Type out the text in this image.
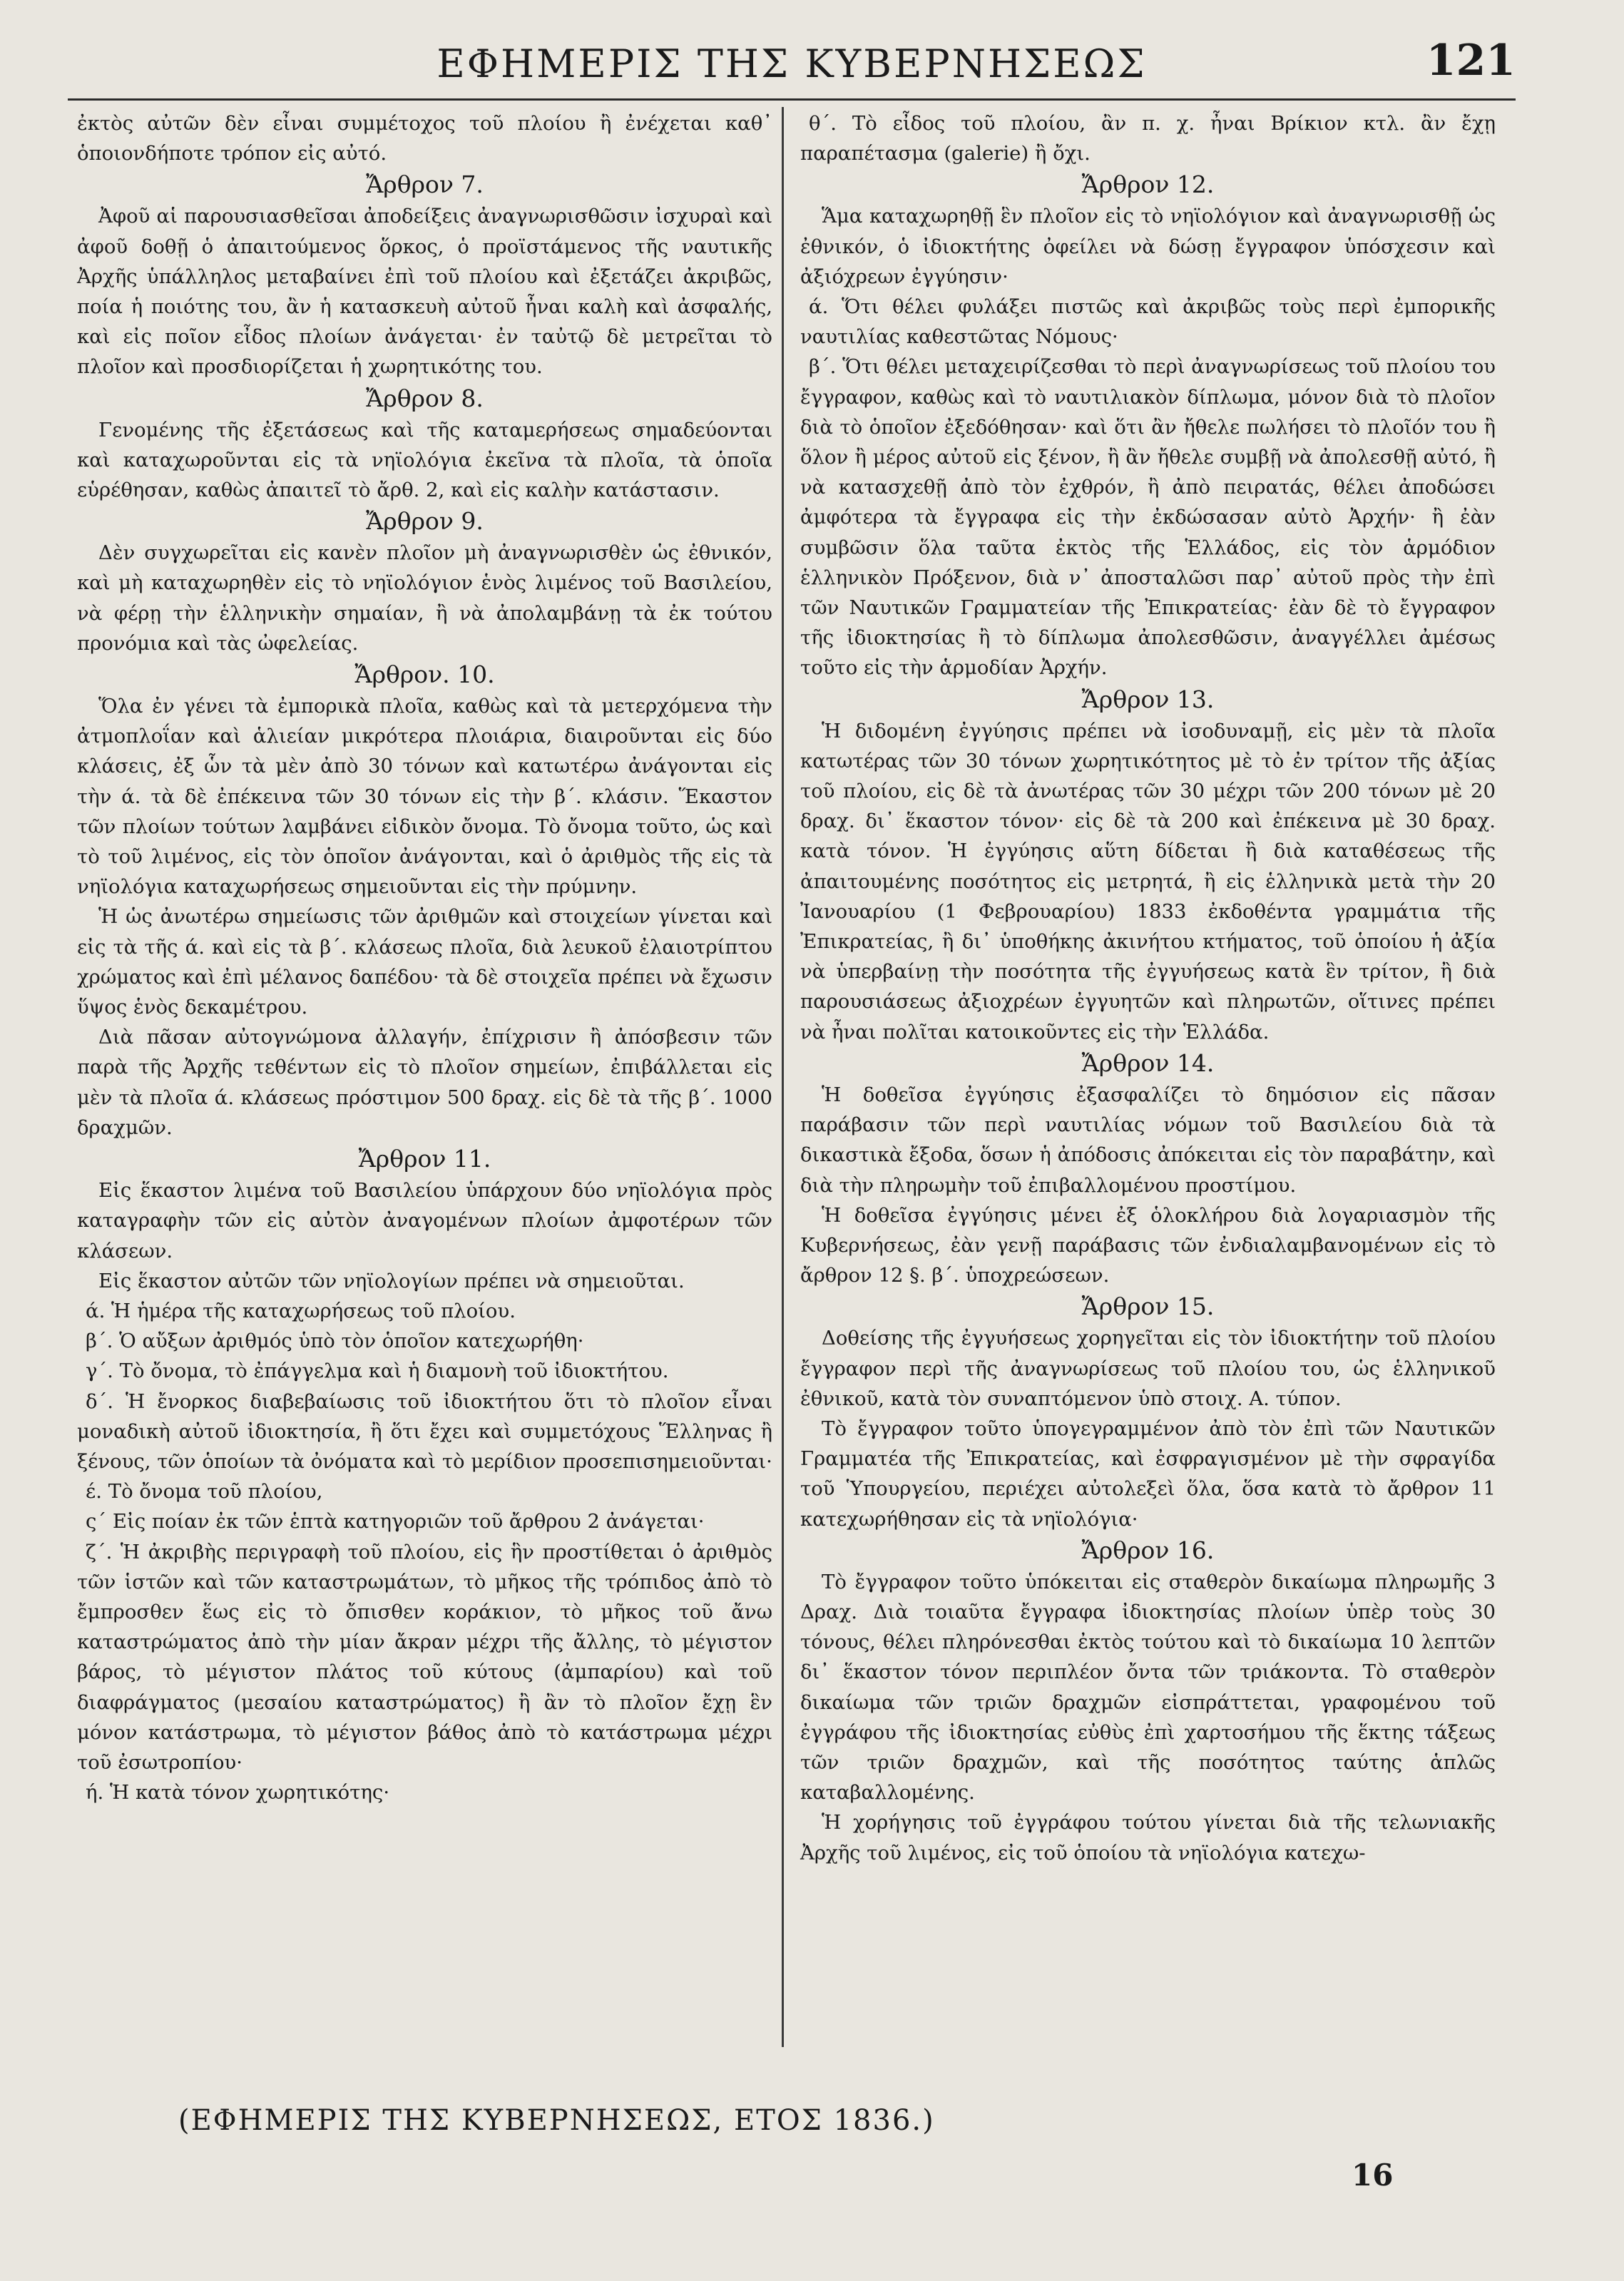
ΕΦΗΜΕΡΙΣ ΤΗΣ ΚΥΒΕΡΝΗΣΕΩΣ	121

ἐκτὸς αὐτῶν δὲν εἶναι συμμέτοχος τοῦ πλοίου ἢ ἐνέχεται καθ᾽ ὁποιονδήποτε τρόπον εἰς αὐτό.

Ἄρθρον 7.

Ἀφοῦ αἱ παρουσιασθεῖσαι ἀποδείξεις ἀναγνωρισθῶσιν ἰσχυραὶ καὶ ἀφοῦ δοθῇ ὁ ἀπαιτούμενος ὅρκος, ὁ προϊστάμενος τῆς ναυτικῆς Ἀρχῆς ὑπάλληλος μεταβαίνει ἐπὶ τοῦ πλοίου καὶ ἐξετάζει ἀκριβῶς, ποία ἡ ποιότης του, ἂν ἡ κατασκευὴ αὐτοῦ ἦναι καλὴ καὶ ἀσφαλής, καὶ εἰς ποῖον εἶδος πλοίων ἀνάγεται· ἐν ταὐτῷ δὲ μετρεῖται τὸ πλοῖον καὶ προσδιορίζεται ἡ χωρητικότης του.

Ἄρθρον 8.

Γενομένης τῆς ἐξετάσεως καὶ τῆς καταμερήσεως σημαδεύονται καὶ καταχωροῦνται εἰς τὰ νηϊολόγια ἐκεῖνα τὰ πλοῖα, τὰ ὁποῖα εὑρέθησαν, καθὼς ἀπαιτεῖ τὸ ἄρθ. 2, καὶ εἰς καλὴν κατάστασιν.

Ἄρθρον 9.

Δὲν συγχωρεῖται εἰς κανὲν πλοῖον μὴ ἀναγνωρισθὲν ὡς ἐθνικόν, καὶ μὴ καταχωρηθὲν εἰς τὸ νηϊολόγιον ἑνὸς λιμένος τοῦ Βασιλείου, νὰ φέρῃ τὴν ἑλληνικὴν σημαίαν, ἢ νὰ ἀπολαμβάνῃ τὰ ἐκ τούτου προνόμια καὶ τὰς ὠφελείας.

Ἄρθρον. 10.

Ὅλα ἐν γένει τὰ ἐμπορικὰ πλοῖα, καθὼς καὶ τὰ μετερχόμενα τὴν ἀτμοπλοΐαν καὶ ἁλιείαν μικρότερα πλοιάρια, διαιροῦνται εἰς δύο κλάσεις, ἐξ ὧν τὰ μὲν ἀπὸ 30 τόνων καὶ κατωτέρω ἀνάγονται εἰς τὴν ά. τὰ δὲ ἐπέκεινα τῶν 30 τόνων εἰς τὴν β΄. κλάσιν. Ἕκαστον τῶν πλοίων τούτων λαμβάνει εἰδικὸν ὄνομα. Τὸ ὄνομα τοῦτο, ὡς καὶ τὸ τοῦ λιμένος, εἰς τὸν ὁποῖον ἀνάγονται, καὶ ὁ ἀριθμὸς τῆς εἰς τὰ νηϊολόγια καταχωρήσεως σημειοῦνται εἰς τὴν πρύμνην.

Ἡ ὡς ἀνωτέρω σημείωσις τῶν ἀριθμῶν καὶ στοιχείων γίνεται καὶ εἰς τὰ τῆς ά. καὶ εἰς τὰ β΄. κλάσεως πλοῖα, διὰ λευκοῦ ἐλαιοτρίπτου χρώματος καὶ ἐπὶ μέλανος δαπέδου· τὰ δὲ στοιχεῖα πρέπει νὰ ἔχωσιν ὕψος ἑνὸς δεκαμέτρου.

Διὰ πᾶσαν αὐτογνώμονα ἀλλαγήν, ἐπίχρισιν ἢ ἀπόσβεσιν τῶν παρὰ τῆς Ἀρχῆς τεθέντων εἰς τὸ πλοῖον σημείων, ἐπιβάλλεται εἰς μὲν τὰ πλοῖα ά. κλάσεως πρόστιμον 500 δραχ. εἰς δὲ τὰ τῆς β΄. 1000 δραχμῶν.

Ἄρθρον 11.

Εἰς ἕκαστον λιμένα τοῦ Βασιλείου ὑπάρχουν δύο νηϊολόγια πρὸς καταγραφὴν τῶν εἰς αὐτὸν ἀναγομένων πλοίων ἀμφοτέρων τῶν κλάσεων.

Εἰς ἕκαστον αὐτῶν τῶν νηϊολογίων πρέπει νὰ σημειοῦται.

ά. Ἡ ἡμέρα τῆς καταχωρήσεως τοῦ πλοίου.

β΄. Ὁ αὔξων ἀριθμός ὑπὸ τὸν ὁποῖον κατεχωρήθη·

γ΄. Τὸ ὄνομα, τὸ ἐπάγγελμα καὶ ἡ διαμονὴ τοῦ ἰδιοκτήτου.

δ΄. Ἡ ἔνορκος διαβεβαίωσις τοῦ ἰδιοκτήτου ὅτι τὸ πλοῖον εἶναι μοναδικὴ αὐτοῦ ἰδιοκτησία, ἢ ὅτι ἔχει καὶ συμμετόχους Ἕλληνας ἢ ξένους, τῶν ὁποίων τὰ ὀνόματα καὶ τὸ μερίδιον προσεπισημειοῦνται·

έ. Τὸ ὄνομα τοῦ πλοίου,

ς΄ Εἰς ποίαν ἐκ τῶν ἑπτὰ κατηγοριῶν τοῦ ἄρθρου 2 ἀνάγεται·

ζ΄. Ἡ ἀκριβὴς περιγραφὴ τοῦ πλοίου, εἰς ἣν προστίθεται ὁ ἀριθμὸς τῶν ἱστῶν καὶ τῶν καταστρωμάτων, τὸ μῆκος τῆς τρόπιδος ἀπὸ τὸ ἔμπροσθεν ἕως εἰς τὸ ὄπισθεν κοράκιον, τὸ μῆκος τοῦ ἄνω καταστρώματος ἀπὸ τὴν μίαν ἄκραν μέχρι τῆς ἄλλης, τὸ μέγιστον βάρος, τὸ μέγιστον πλάτος τοῦ κύτους (ἀμπαρίου) καὶ τοῦ διαφράγματος (μεσαίου καταστρώματος) ἢ ἂν τὸ πλοῖον ἔχῃ ἓν μόνον κατάστρωμα, τὸ μέγιστον βάθος ἀπὸ τὸ κατάστρωμα μέχρι τοῦ ἐσωτροπίου·

ή. Ἡ κατὰ τόνον χωρητικότης·

θ΄. Τὸ εἶδος τοῦ πλοίου, ἂν π. χ. ἦναι Βρίκιον κτλ. ἂν ἔχῃ παραπέτασμα (galerie) ἢ ὄχι.

Ἄρθρον 12.

Ἅμα καταχωρηθῇ ἓν πλοῖον εἰς τὸ νηϊολόγιον καὶ ἀναγνωρισθῇ ὡς ἐθνικόν, ὁ ἰδιοκτήτης ὀφείλει νὰ δώσῃ ἔγγραφον ὑπόσχεσιν καὶ ἀξιόχρεων ἐγγύησιν·

ά. Ὅτι θέλει φυλάξει πιστῶς καὶ ἀκριβῶς τοὺς περὶ ἐμπορικῆς ναυτιλίας καθεστῶτας Νόμους·

β΄. Ὅτι θέλει μεταχειρίζεσθαι τὸ περὶ ἀναγνωρίσεως τοῦ πλοίου του ἔγγραφον, καθὼς καὶ τὸ ναυτιλιακὸν δίπλωμα, μόνον διὰ τὸ πλοῖον διὰ τὸ ὁποῖον ἐξεδόθησαν· καὶ ὅτι ἂν ἤθελε πωλήσει τὸ πλοῖόν του ἢ ὅλον ἢ μέρος αὐτοῦ εἰς ξένον, ἢ ἂν ἤθελε συμβῇ νὰ ἀπολεσθῇ αὐτό, ἢ νὰ κατασχεθῇ ἀπὸ τὸν ἐχθρόν, ἢ ἀπὸ πειρατάς, θέλει ἀποδώσει ἀμφότερα τὰ ἔγγραφα εἰς τὴν ἐκδώσασαν αὐτὸ Ἀρχήν· ἢ ἐὰν συμβῶσιν ὅλα ταῦτα ἐκτὸς τῆς Ἑλλάδος, εἰς τὸν ἁρμόδιον ἑλληνικὸν Πρόξενον, διὰ ν᾽ ἀποσταλῶσι παρ᾽ αὐτοῦ πρὸς τὴν ἐπὶ τῶν Ναυτικῶν Γραμματείαν τῆς Ἐπικρατείας· ἐὰν δὲ τὸ ἔγγραφον τῆς ἰδιοκτησίας ἢ τὸ δίπλωμα ἀπολεσθῶσιν, ἀναγγέλλει ἀμέσως τοῦτο εἰς τὴν ἁρμοδίαν Ἀρχήν.

Ἄρθρον 13.

Ἡ διδομένη ἐγγύησις πρέπει νὰ ἰσοδυναμῇ, εἰς μὲν τὰ πλοῖα κατωτέρας τῶν 30 τόνων χωρητικότητος μὲ τὸ ἐν τρίτον τῆς ἀξίας τοῦ πλοίου, εἰς δὲ τὰ ἀνωτέρας τῶν 30 μέχρι τῶν 200 τόνων μὲ 20 δραχ. δι᾽ ἕκαστον τόνον· εἰς δὲ τὰ 200 καὶ ἐπέκεινα μὲ 30 δραχ. κατὰ τόνον. Ἡ ἐγγύησις αὕτη δίδεται ἢ διὰ καταθέσεως τῆς ἀπαιτουμένης ποσότητος εἰς μετρητά, ἢ εἰς ἑλληνικὰ μετὰ τὴν 20 Ἰανουαρίου (1 Φεβρουαρίου) 1833 ἐκδοθέντα γραμμάτια τῆς Ἐπικρατείας, ἢ δι᾽ ὑποθήκης ἀκινήτου κτήματος, τοῦ ὁποίου ἡ ἀξία νὰ ὑπερβαίνῃ τὴν ποσότητα τῆς ἐγγυήσεως κατὰ ἓν τρίτον, ἢ διὰ παρουσιάσεως ἀξιοχρέων ἐγγυητῶν καὶ πληρωτῶν, οἵτινες πρέπει νὰ ἦναι πολῖται κατοικοῦντες εἰς τὴν Ἑλλάδα.

Ἄρθρον 14.

Ἡ δοθεῖσα ἐγγύησις ἐξασφαλίζει τὸ δημόσιον εἰς πᾶσαν παράβασιν τῶν περὶ ναυτιλίας νόμων τοῦ Βασιλείου διὰ τὰ δικαστικὰ ἔξοδα, ὅσων ἡ ἀπόδοσις ἀπόκειται εἰς τὸν παραβάτην, καὶ διὰ τὴν πληρωμὴν τοῦ ἐπιβαλλομένου προστίμου.

Ἡ δοθεῖσα ἐγγύησις μένει ἐξ ὁλοκλήρου διὰ λογαριασμὸν τῆς Κυβερνήσεως, ἐὰν γενῇ παράβασις τῶν ἐνδιαλαμβανομένων εἰς τὸ ἄρθρον 12 §. β΄. ὑποχρεώσεων.

Ἄρθρον 15.

Δοθείσης τῆς ἐγγυήσεως χορηγεῖται εἰς τὸν ἰδιοκτήτην τοῦ πλοίου ἔγγραφον περὶ τῆς ἀναγνωρίσεως τοῦ πλοίου του, ὡς ἑλληνικοῦ ἐθνικοῦ, κατὰ τὸν συναπτόμενον ὑπὸ στοιχ. Α. τύπον.

Τὸ ἔγγραφον τοῦτο ὑπογεγραμμένον ἀπὸ τὸν ἐπὶ τῶν Ναυτικῶν Γραμματέα τῆς Ἐπικρατείας, καὶ ἐσφραγισμένον μὲ τὴν σφραγίδα τοῦ Ὑπουργείου, περιέχει αὐτολεξεὶ ὅλα, ὅσα κατὰ τὸ ἄρθρον 11 κατεχωρήθησαν εἰς τὰ νηϊολόγια·

Ἄρθρον 16.

Τὸ ἔγγραφον τοῦτο ὑπόκειται εἰς σταθερὸν δικαίωμα πληρωμῆς 3 Δραχ. Διὰ τοιαῦτα ἔγγραφα ἰδιοκτησίας πλοίων ὑπὲρ τοὺς 30 τόνους, θέλει πληρόνεσθαι ἐκτὸς τούτου καὶ τὸ δικαίωμα 10 λεπτῶν δι᾽ ἕκαστον τόνον περιπλέον ὄντα τῶν τριάκοντα. Τὸ σταθερὸν δικαίωμα τῶν τριῶν δραχμῶν εἰσπράττεται, γραφομένου τοῦ ἐγγράφου τῆς ἰδιοκτησίας εὐθὺς ἐπὶ χαρτοσήμου τῆς ἕκτης τάξεως τῶν τριῶν δραχμῶν, καὶ τῆς ποσότητος ταύτης ἁπλῶς καταβαλλομένης.

Ἡ χορήγησις τοῦ ἐγγράφου τούτου γίνεται διὰ τῆς τελωνιακῆς Ἀρχῆς τοῦ λιμένος, εἰς τοῦ ὁποίου τὰ νηϊολόγια κατεχω-

(ΕΦΗΜΕΡΙΣ ΤΗΣ ΚΥΒΕΡΝΗΣΕΩΣ, ΕΤΟΣ 1836.)
16
